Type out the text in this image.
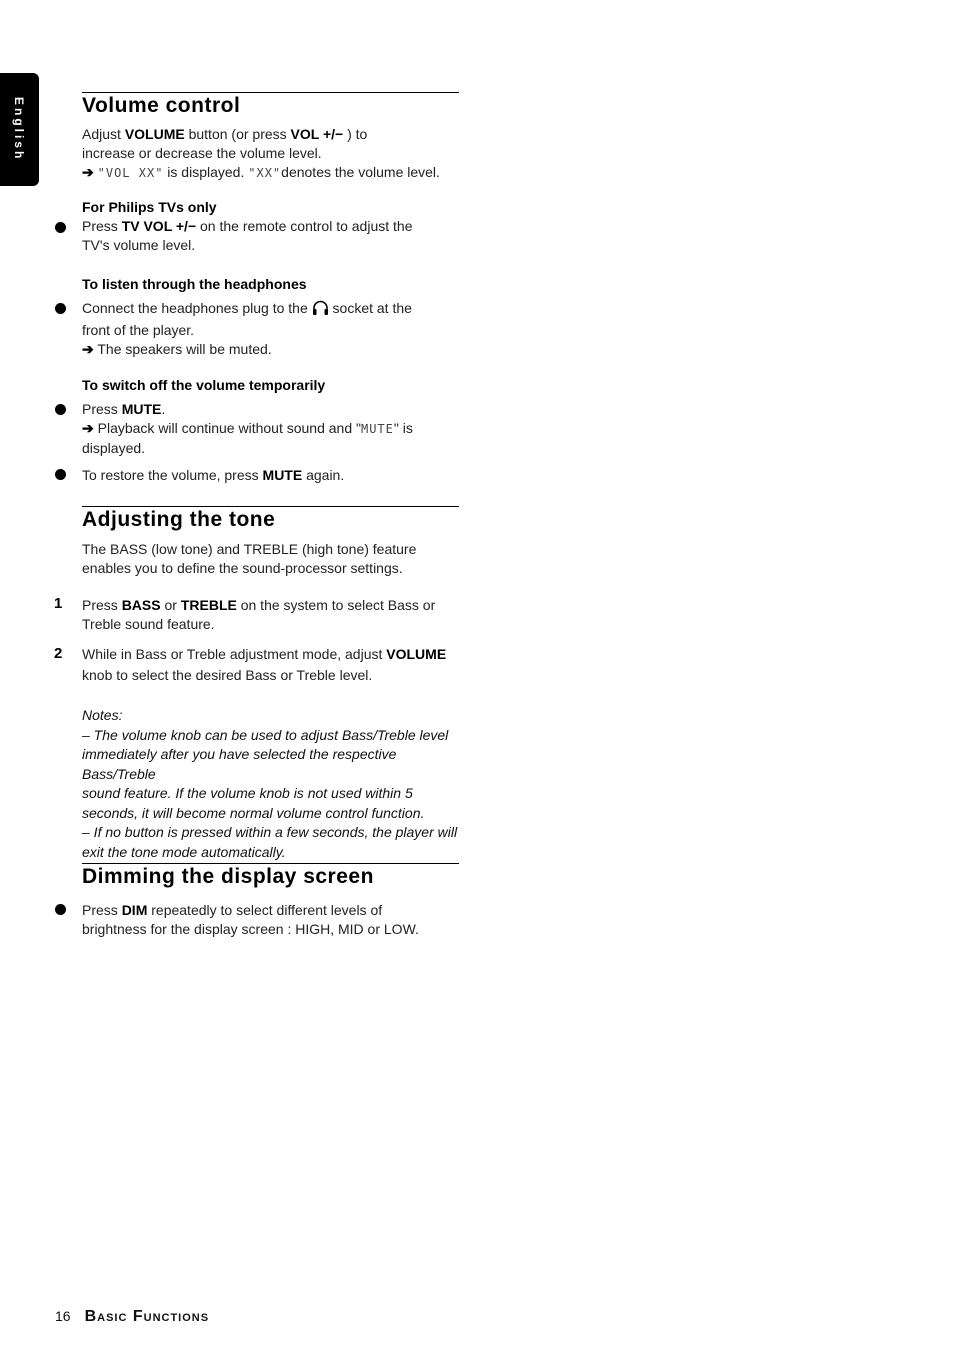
English	Volume control

Adjust VOLUME button (or press VOL +/− ) to

increase or decrease the volume level.

➔ "VOL XX" is displayed. "XX"denotes the volume level.

For Philips TVs only

Press TV VOL +/− on the remote control to adjust the

TV's volume level.

To listen through the headphones

Connect the headphones plug to the  socket at the

front of the player.

➔ The speakers will be muted.

To switch off the volume temporarily

Press MUTE.

➔ Playback will continue without sound and "MUTE" is

displayed.

To restore the volume, press MUTE again.

Adjusting the tone

The BASS (low tone) and TREBLE (high tone) feature

enables you to define the sound-processor settings.

1 Press BASS or TREBLE on the system to select Bass or

Treble sound feature.

2 While in Bass or Treble adjustment mode, adjust VOLUME

knob to select the desired Bass or Treble level.

Notes:

– The volume knob can be used to adjust Bass/Treble level

immediately after you have selected the respective Bass/Treble

sound feature. If the volume knob is not used within 5

seconds, it will become normal volume control function.

– If no button is pressed within a few seconds, the player will

exit the tone mode automatically.

Dimming the display screen

Press DIM repeatedly to select different levels of

brightness for the display screen : HIGH, MID or LOW.

16 Basic Functions
